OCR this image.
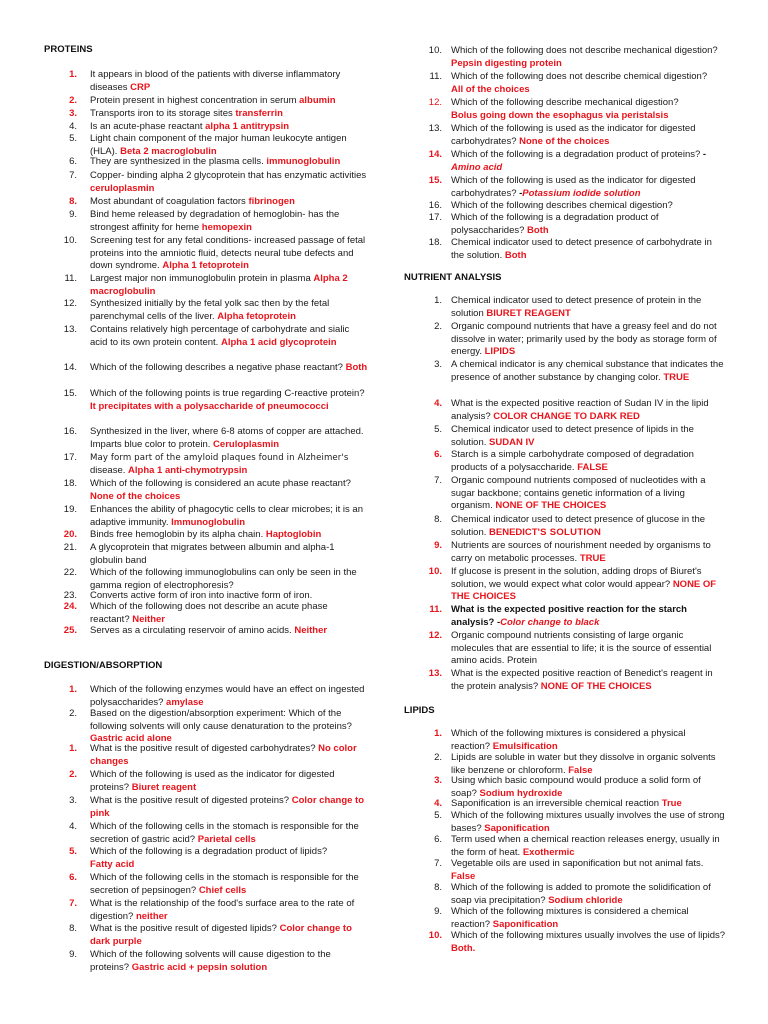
PROTEINS
1. It appears in blood of the patients with diverse inflammatory diseases CRP
2. Protein present in highest concentration in serum albumin
3. Transports iron to its storage sites transferrin
4. Is an acute-phase reactant alpha 1 antitrypsin
5. Light chain component of the major human leukocyte antigen (HLA). Beta 2 macroglobulin
6. They are synthesized in the plasma cells. immunoglobulin
7. Copper- binding alpha 2 glycoprotein that has enzymatic activities ceruloplasmin
8. Most abundant of coagulation factors fibrinogen
9. Bind heme released by degradation of hemoglobin- has the strongest affinity for heme hemopexin
10. Screening test for any fetal conditions- increased passage of fetal proteins into the amniotic fluid, detects neural tube defects and down syndrome. Alpha 1 fetoprotein
11. Largest major non immunoglobulin protein in plasma Alpha 2 macroglobulin
12. Synthesized initially by the fetal yolk sac then by the fetal parenchymal cells of the liver. Alpha fetoprotein
13. Contains relatively high percentage of carbohydrate and sialic acid to its own protein content. Alpha 1 acid glycoprotein
14. Which of the following describes a negative phase reactant? Both
15. Which of the following points is true regarding C-reactive protein? It precipitates with a polysaccharide of pneumococci
16. Synthesized in the liver, where 6-8 atoms of copper are attached. Imparts blue color to protein. Ceruloplasmin
17. May form part of the amyloid plaques found in Alzheimer's
disease. Alpha 1 anti-chymotrypsin
18. Which of the following is considered an acute phase reactant? None of the choices
19. Enhances the ability of phagocytic cells to clear microbes; it is an adaptive immunity. Immunoglobulin
20. Binds free hemoglobin by its alpha chain. Haptoglobin
21. A glycoprotein that migrates between albumin and alpha-1 globulin band
22. Which of the following immunoglobulins can only be seen in the gamma region of electrophoresis?
23. Converts active form of iron into inactive form of iron.
24. Which of the following does not describe an acute phase reactant? Neither
25. Serves as a circulating reservoir of amino acids. Neither
DIGESTION/ABSORPTION
1. Which of the following enzymes would have an effect on ingested polysaccharides? amylase
2. Based on the digestion/absorption experiment: Which of the following solvents will only cause denaturation to the proteins? Gastric acid alone
1. What is the positive result of digested carbohydrates? No color changes
2. Which of the following is used as the indicator for digested proteins? Biuret reagent
3. What is the positive result of digested proteins? Color change to pink
4. Which of the following cells in the stomach is responsible for the secretion of gastric acid? Parietal cells
5. Which of the following is a degradation product of lipids?
Fatty acid
6. Which of the following cells in the stomach is responsible for the secretion of pepsinogen? Chief cells
7. What is the relationship of the food's surface area to the rate of digestion? neither
8. What is the positive result of digested lipids? Color change to dark purple
9. Which of the following solvents will cause digestion to the proteins? Gastric acid + pepsin solution
10. Which of the following does not describe mechanical digestion? Pepsin digesting protein
11. Which of the following does not describe chemical digestion?
All of the choices
12. Which of the following describe mechanical digestion?
Bolus going down the esophagus via peristalsis
13. Which of the following is used as the indicator for digested carbohydrates? None of the choices
14. Which of the following is a degradation product of proteins? -
Amino acid
15. Which of the following is used as the indicator for digested carbohydrates? -Potassium iodide solution
16. Which of the following describes chemical digestion?
17. Which of the following is a degradation product of polysaccharides? Both
18. Chemical indicator used to detect presence of carbohydrate in the solution. Both
NUTRIENT ANALYSIS
1. Chemical indicator used to detect presence of protein in the solution BIURET REAGENT
2. Organic compound nutrients that have a greasy feel and do not dissolve in water; primarily used by the body as storage form of energy. LIPIDS
3. A chemical indicator is any chemical substance that indicates the presence of another substance by changing color. TRUE
4. What is the expected positive reaction of Sudan IV in the lipid analysis? COLOR CHANGE TO DARK RED
5. Chemical indicator used to detect presence of lipids in the solution. SUDAN IV
6. Starch is a simple carbohydrate composed of degradation products of a polysaccharide. FALSE
7. Organic compound nutrients composed of nucleotides with a sugar backbone; contains genetic information of a living organism. NONE OF THE CHOICES
8. Chemical indicator used to detect presence of glucose in the solution. BENEDICT'S SOLUTION
9. Nutrients are sources of nourishment needed by organisms to carry on metabolic processes. TRUE
10. If glucose is present in the solution, adding drops of Biuret's solution, we would expect what color would appear? NONE OF THE CHOICES
11. What is the expected positive reaction for the starch analysis? -Color change to black
12. Organic compound nutrients consisting of large organic molecules that are essential to life; it is the source of essential amino acids. Protein
13. What is the expected positive reaction of Benedict's reagent in the protein analysis? NONE OF THE CHOICES
LIPIDS
1. Which of the following mixtures is considered a physical reaction? Emulsification
2. Lipids are soluble in water but they dissolve in organic solvents like benzene or chloroform. False
3. Using which basic compound would produce a solid form of soap? Sodium hydroxide
4. Saponification is an irreversible chemical reaction True
5. Which of the following mixtures usually involves the use of strong bases? Saponification
6. Term used when a chemical reaction releases energy, usually in the form of heat. Exothermic
7. Vegetable oils are used in saponification but not animal fats.
False
8. Which of the following is added to promote the solidification of soap via precipitation? Sodium chloride
9. Which of the following mixtures is considered a chemical reaction? Saponification
10. Which of the following mixtures usually involves the use of lipids? Both.
